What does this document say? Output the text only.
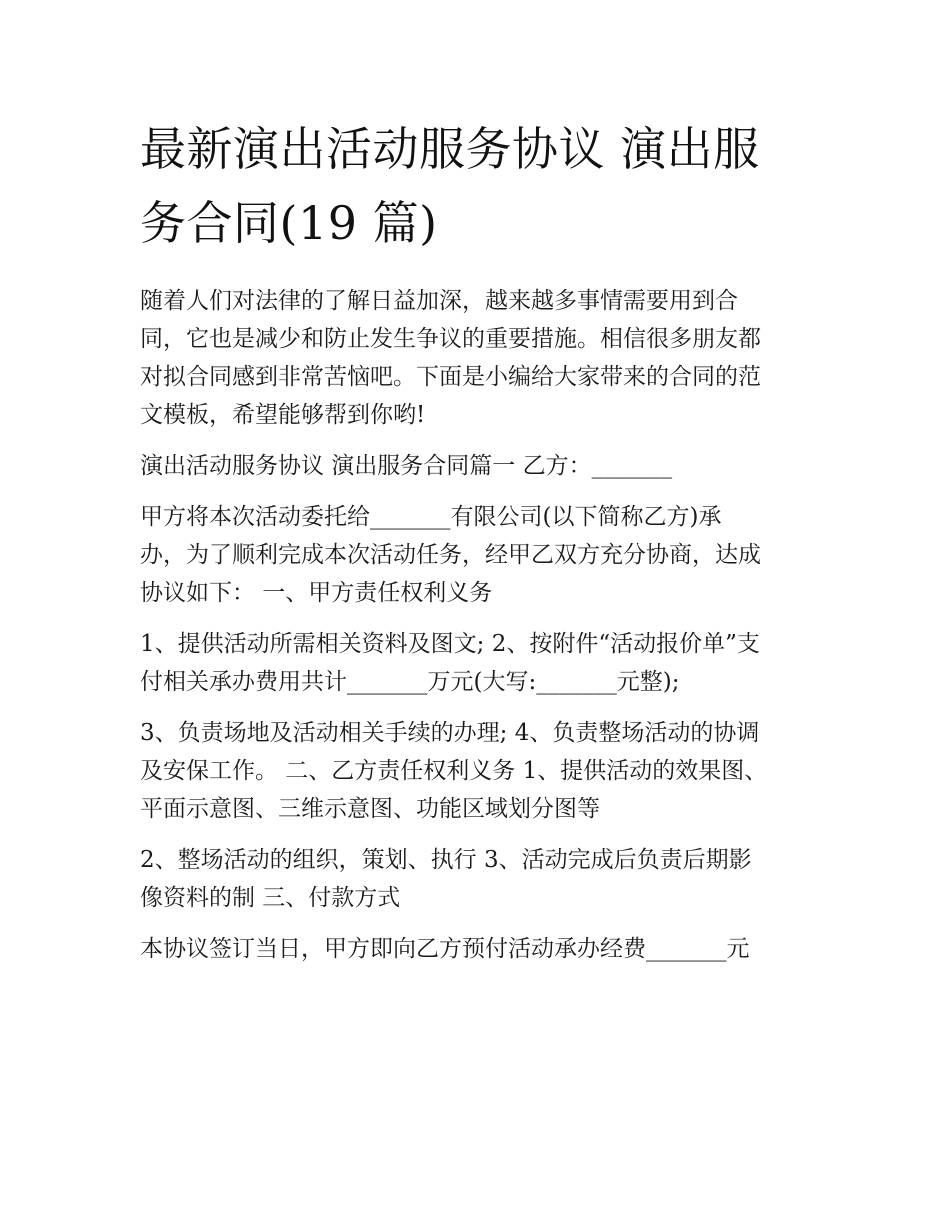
最新演出活动服务协议 演出服
务合同(19 篇)

随着人们对法律的了解日益加深，越来越多事情需要用到合
同，它也是减少和防止发生争议的重要措施。相信很多朋友都
对拟合同感到非常苦恼吧。下面是小编给大家带来的合同的范
文模板，希望能够帮到你哟!

演出活动服务协议 演出服务合同篇一 乙方：_______

甲方将本次活动委托给_______有限公司(以下简称乙方)承
办，为了顺利完成本次活动任务，经甲乙双方充分协商，达成
协议如下： 一、甲方责任权利义务

1、提供活动所需相关资料及图文; 2、按附件“活动报价单”支
付相关承办费用共计_______万元(大写:_______元整);

3、负责场地及活动相关手续的办理; 4、负责整场活动的协调
及安保工作。 二、乙方责任权利义务 1、提供活动的效果图、
平面示意图、三维示意图、功能区域划分图等

2、整场活动的组织，策划、执行 3、活动完成后负责后期影
像资料的制 三、付款方式

本协议签订当日，甲方即向乙方预付活动承办经费_______元
